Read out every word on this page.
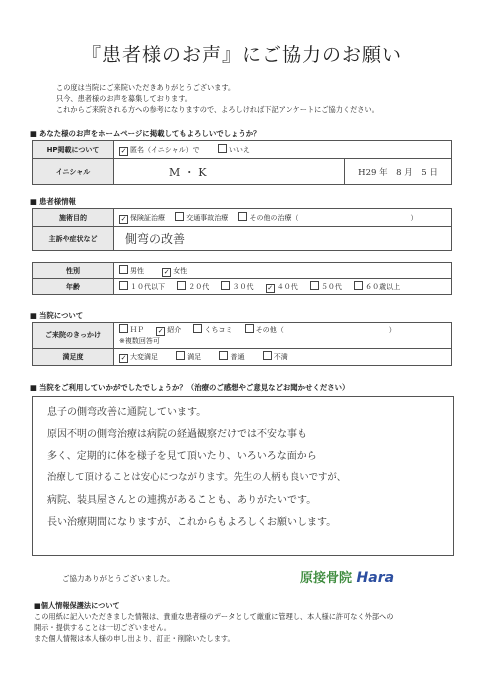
『患者様のお声』にご協力のお願い
この度は当院にご来院いただきありがとうございます。
只今、患者様のお声を募集しております。
これからご来院される方への参考になりますので、よろしければ下記アンケートにご協力ください。
■ あなた様のお声をホームページに掲載してもよろしいでしょうか？
HP掲載について	✓ 匿名（イニシャル）で いいえ	
イニシャル	M ・ K	H29 年　8 月　5 日
■ 患者様情報
施術目的	✓ 保険証治療 交通事故治療 その他の治療（　　　　　　　　　　　　　　　　）
主訴や症状など	側弯の改善
性別	男性 ✓ 女性
年齢	１０代以下 ２０代 ３０代 ✓ ４０代 ５０代 ６０歳以上
■ 当院について
ご来院のきっかけ	ＨＰ ✓ 紹介 くちコミ その他（　　　　　　　　　　　　　　　）
※複数回答可
満足度	✓ 大変満足 満足 普通 不満
■ 当院をご利用していかがでしたでしょうか？（治療のご感想やご意見などお聞かせください）
息子の側弯改善に通院しています。
原因不明の側弯治療は病院の経過観察だけでは不安な事も
多く、定期的に体を様子を見て頂いたり、いろいろな面から
治療して頂けることは安心につながります。先生の人柄も良いですが、
病院、装具屋さんとの連携があることも、ありがたいです。
長い治療期間になりますが、これからもよろしくお願いします。
ご協力ありがとうございました。	原接骨院 Hara
■個人情報保護法について
この用紙に記入いただきました情報は、貴重な患者様のデータとして厳重に管理し、本人様に許可なく外部への
開示・提供することは一切ございません。
また個人情報は本人様の申し出より、訂正・削除いたします。
